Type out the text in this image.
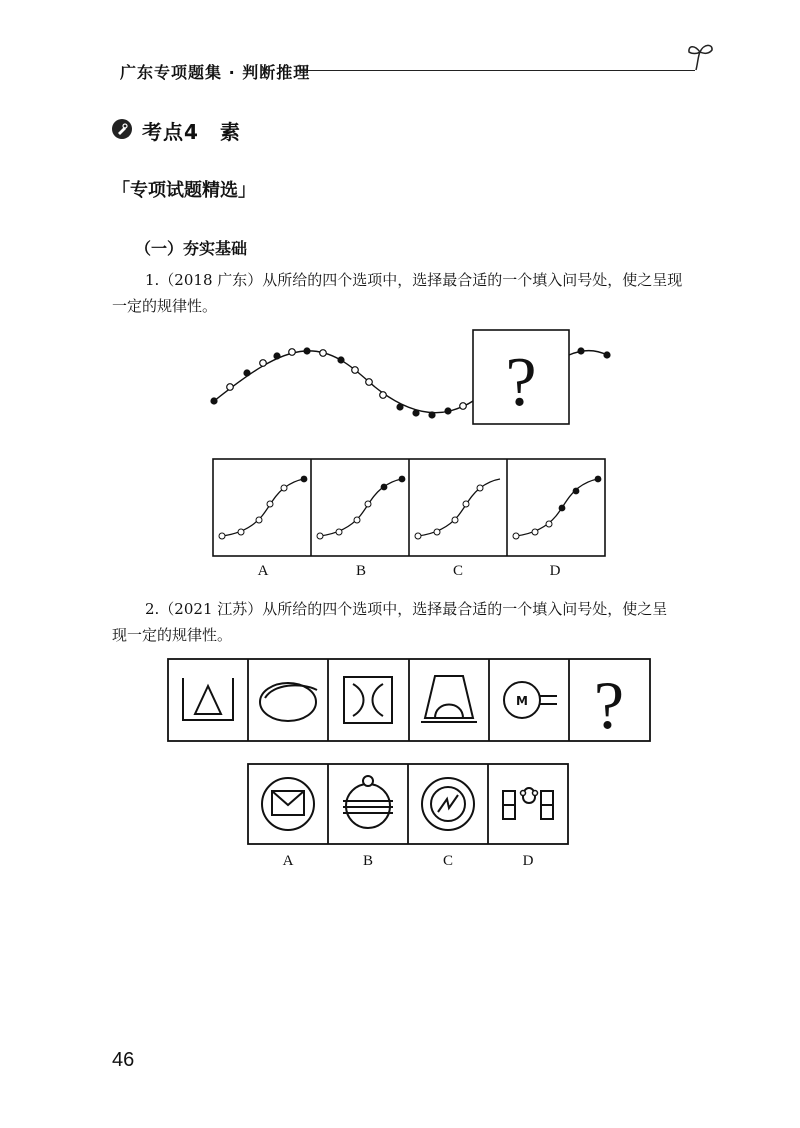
广东专项题集 · 判断推理
考点4　素
「专项试题精选」
（一）夯实基础
1.（2018 广东）从所给的四个选项中，选择最合适的一个填入问号处，使之呈现
一定的规律性。
?
A	B	C	D
2.（2021 江苏）从所给的四个选项中，选择最合适的一个填入问号处，使之呈
现一定的规律性。
M ?
A	B	C	D
46
